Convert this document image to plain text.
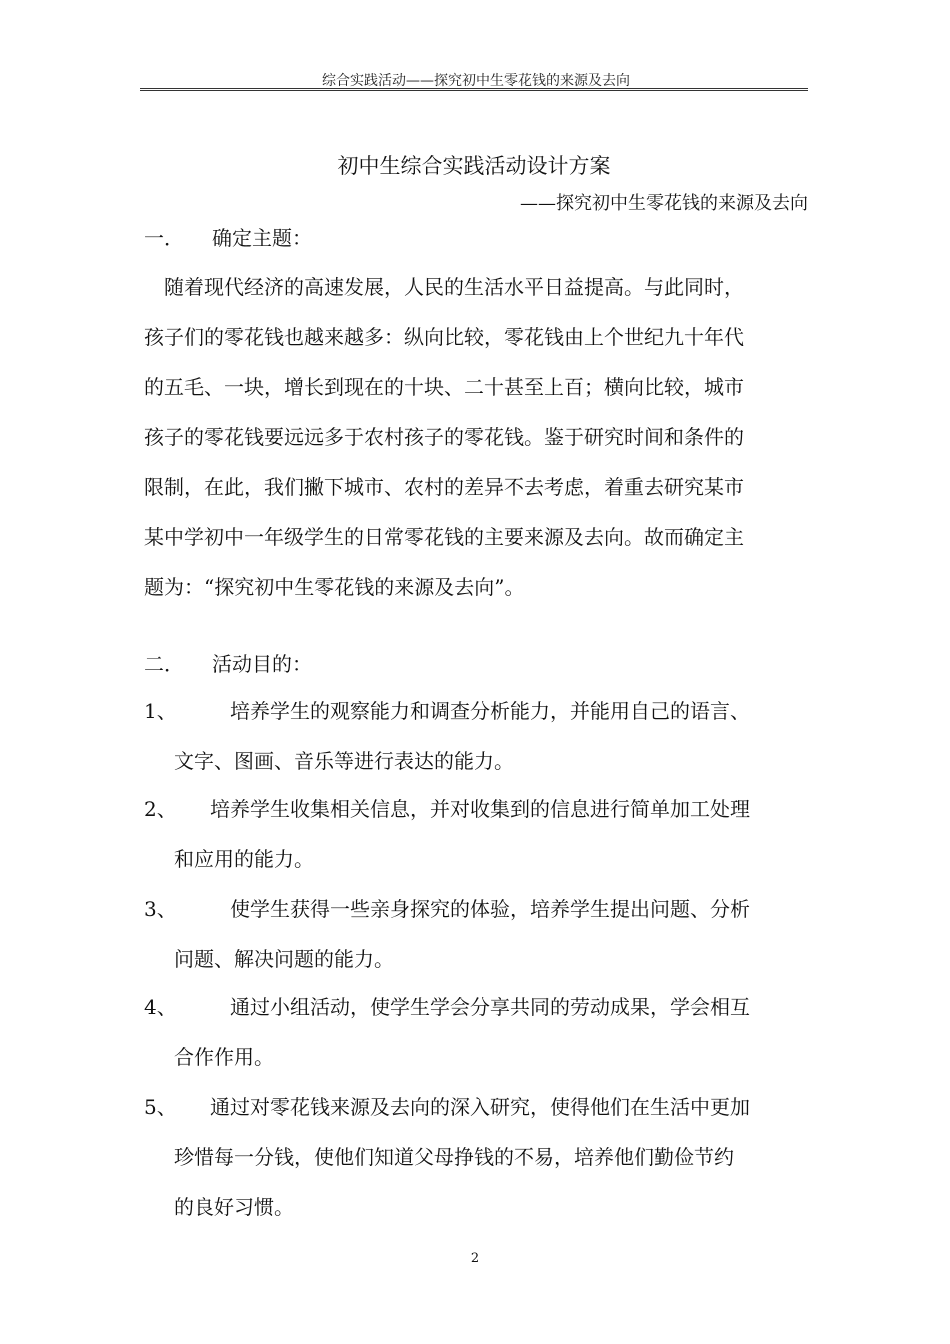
综合实践活动——探究初中生零花钱的来源及去向
初中生综合实践活动设计方案
——探究初中生零花钱的来源及去向
一． 确定主题：
　随着现代经济的高速发展，人民的生活水平日益提高。与此同时，
孩子们的零花钱也越来越多：纵向比较，零花钱由上个世纪九十年代
的五毛、一块，增长到现在的十块、二十甚至上百；横向比较，城市
孩子的零花钱要远远多于农村孩子的零花钱。鉴于研究时间和条件的
限制，在此，我们撇下城市、农村的差异不去考虑，着重去研究某市
某中学初中一年级学生的日常零花钱的主要来源及去向。故而确定主
题为：“探究初中生零花钱的来源及去向”。
二． 活动目的：
1、　培养学生的观察能力和调查分析能力，并能用自己的语言、
文字、图画、音乐等进行表达的能力。
2、 培养学生收集相关信息，并对收集到的信息进行简单加工处理
和应用的能力。
3、　使学生获得一些亲身探究的体验，培养学生提出问题、分析
问题、解决问题的能力。
4、　通过小组活动，使学生学会分享共同的劳动成果，学会相互
合作作用。
5、 通过对零花钱来源及去向的深入研究，使得他们在生活中更加
珍惜每一分钱，使他们知道父母挣钱的不易，培养他们勤俭节约
的良好习惯。
2
